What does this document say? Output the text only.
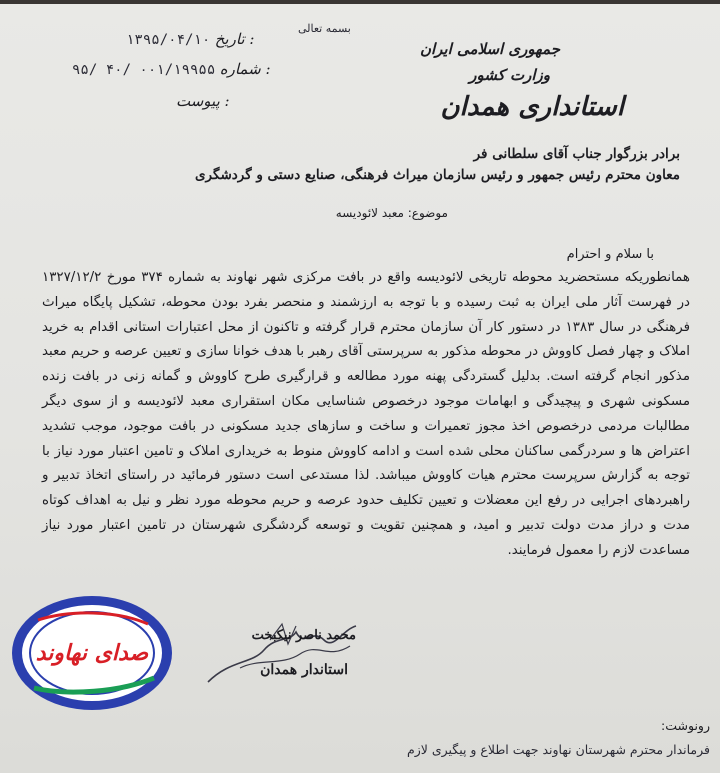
بسمه تعالی
۱۳۹۵/۰۴/۱۰ تاریخ :
۹۵/ ۴۰/ ۰۰۱/۱۹۹۵۵ شماره :
پیوست :
جمهوری اسلامی ایران
وزارت کشور
استانداری همدان
برادر بزرگوار جناب آقای سلطانی فر
معاون محترم رئیس جمهور و رئیس سازمان میراث فرهنگی، صنایع دستی و گردشگری
موضوع: معبد لائودیسه
با سلام و احترام
همانطوریکه مستحضرید محوطه تاریخی لائودیسه واقع در بافت مرکزی شهر نهاوند به شماره ۳۷۴ مورخ ۱۳۲۷/۱۲/۲ در فهرست آثار ملی ایران به ثبت رسیده و با توجه به ارزشمند و منحصر بفرد بودن محوطه، تشکیل پایگاه میراث فرهنگی در سال ۱۳۸۳ در دستور کار آن سازمان محترم قرار گرفته و تاکنون از محل اعتبارات استانی اقدام به خرید املاک و چهار فصل کاووش در محوطه مذکور به سرپرستی آقای رهبر با هدف خوانا سازی و تعیین عرصه و حریم معبد مذکور انجام گرفته است. بدلیل گستردگی پهنه مورد مطالعه و قرارگیری طرح کاووش و گمانه زنی در بافت زنده مسکونی شهری و پیچیدگی و ابهامات موجود درخصوص شناسایی مکان استقراری معبد لائودیسه و از سوی دیگر مطالبات مردمی درخصوص اخذ مجوز تعمیرات و ساخت و سازهای جدید مسکونی در بافت موجود، موجب تشدید اعتراض ها و سردرگمی ساکنان محلی شده است و ادامه کاووش منوط به خریداری املاک و تامین اعتبار مورد نیاز با توجه به گزارش سرپرست محترم هیات کاووش میباشد. لذا مستدعی است دستور فرمائید در راستای اتخاذ تدبیر و راهبردهای اجرایی در رفع این معضلات و تعیین تکلیف حدود عرصه و حریم محوطه مورد نظر و نیل به اهداف کوتاه مدت و دراز مدت دولت تدبیر و امید، و همچنین تقویت و توسعه گردشگری شهرستان در تامین اعتبار مورد نیاز مساعدت لازم را معمول فرمایند.
محمد ناصر نیکبخت
استاندار همدان
صدای نهاوند
رونوشت:
فرماندار محترم شهرستان نهاوند جهت اطلاع و پیگیری لازم
